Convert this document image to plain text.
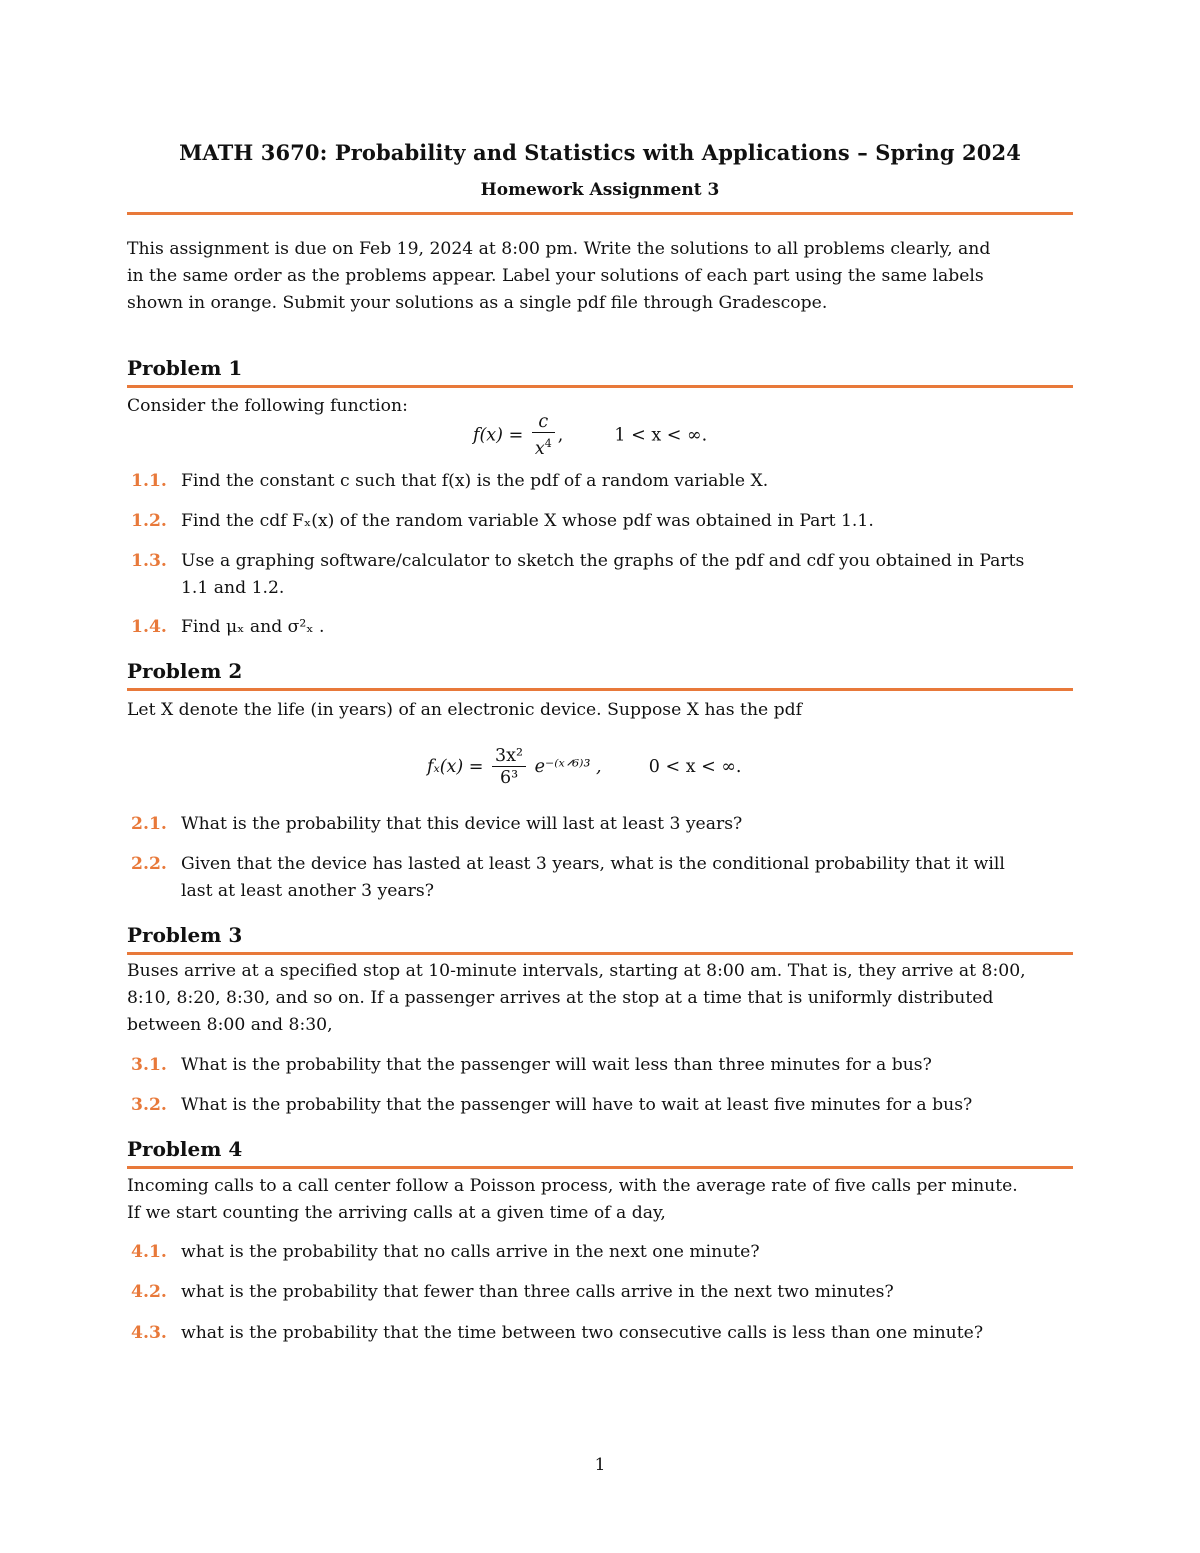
MATH 3670: Probability and Statistics with Applications – Spring 2024
Homework Assignment 3
This assignment is due on Feb 19, 2024 at 8:00 pm. Write the solutions to all problems clearly, and
in the same order as the problems appear. Label your solutions of each part using the same labels
shown in orange. Submit your solutions as a single pdf file through Gradescope.
Problem 1
Consider the following function:
$f(x) = \frac{c}{x^4}$ ,	1 < x < ∞.
1.1. Find the constant c such that f(x) is the pdf of a random variable X.
1.2. Find the cdf Fₓ(x) of the random variable X whose pdf was obtained in Part 1.1.
1.3. Use a graphing software/calculator to sketch the graphs of the pdf and cdf you obtained in Parts
1.1 and 1.2.
1.4. Find μₓ and σ²ₓ .
Problem 2
Let X denote the life (in years) of an electronic device. Suppose X has the pdf
$f_x(x) = \frac{\text{3x²}}{\text{6³}}$ e⁻⁽ˣᐟ⁶⁾³ ,	0 < x < ∞.
2.1. What is the probability that this device will last at least 3 years?
2.2. Given that the device has lasted at least 3 years, what is the conditional probability that it will
last at least another 3 years?
Problem 3
Buses arrive at a specified stop at 10-minute intervals, starting at 8:00 am. That is, they arrive at 8:00,
8:10, 8:20, 8:30, and so on. If a passenger arrives at the stop at a time that is uniformly distributed
between 8:00 and 8:30,
3.1. What is the probability that the passenger will wait less than three minutes for a bus?
3.2. What is the probability that the passenger will have to wait at least five minutes for a bus?
Problem 4
Incoming calls to a call center follow a Poisson process, with the average rate of five calls per minute.
If we start counting the arriving calls at a given time of a day,
4.1. what is the probability that no calls arrive in the next one minute?
4.2. what is the probability that fewer than three calls arrive in the next two minutes?
4.3. what is the probability that the time between two consecutive calls is less than one minute?
1
